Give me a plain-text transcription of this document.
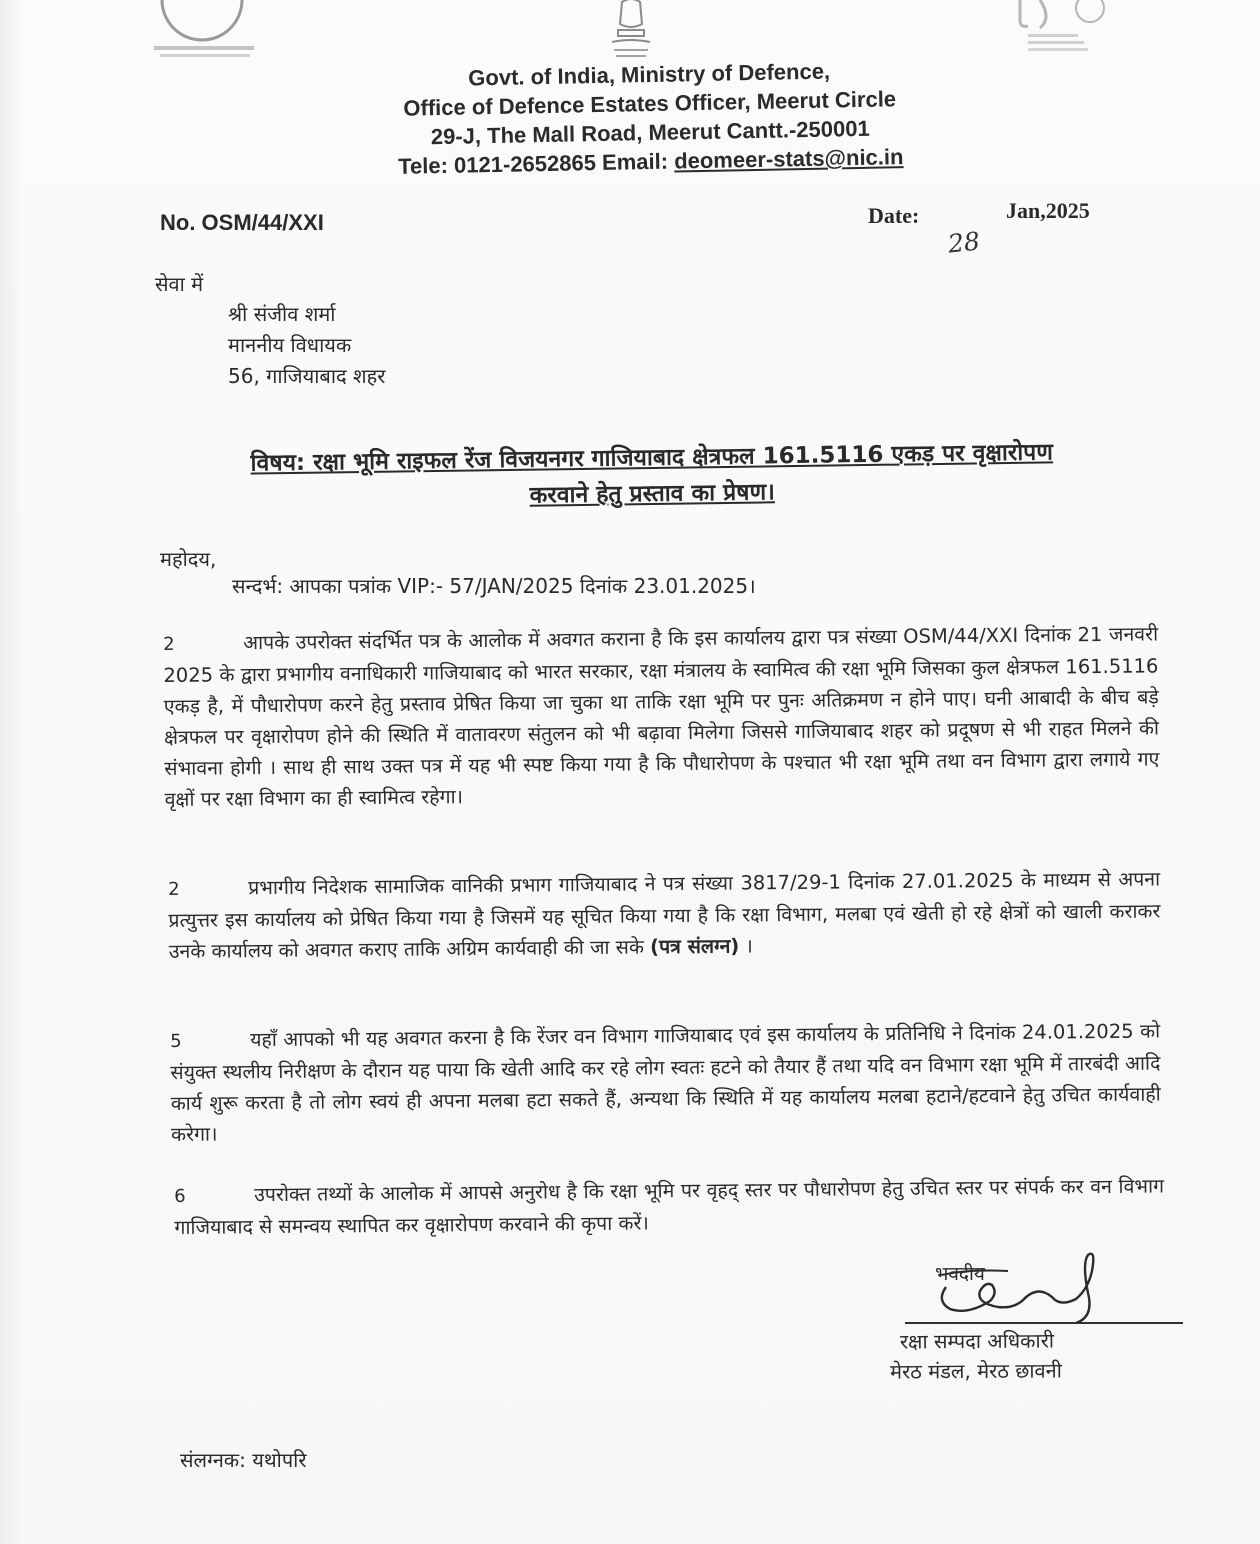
Govt. of India, Ministry of Defence,
Office of Defence Estates Officer, Meerut Circle
29-J, The Mall Road, Meerut Cantt.-250001
Tele: 0121-2652865 Email: deomeer-stats@nic.in
No. OSM/44/XXI	Date:	Jan,2025
28
सेवा में
श्री संजीव शर्मा
माननीय विधायक
56, गाजियाबाद शहर
विषय: रक्षा भूमि राइफल रेंज विजयनगर गाजियाबाद क्षेत्रफल 161.5116 एकड़ पर वृक्षारोपण
करवाने हेतु प्रस्ताव का प्रेषण।
महोदय,
सन्दर्भ: आपका पत्रांक VIP:- 57/JAN/2025 दिनांक 23.01.2025।
2	आपके उपरोक्त संदर्भित पत्र के आलोक में अवगत कराना है कि इस कार्यालय द्वारा पत्र संख्या OSM/44/XXI दिनांक 21 जनवरी 2025 के द्वारा प्रभागीय वनाधिकारी गाजियाबाद को भारत सरकार, रक्षा मंत्रालय के स्वामित्व की रक्षा भूमि जिसका कुल क्षेत्रफल 161.5116 एकड़ है, में पौधारोपण करने हेतु प्रस्ताव प्रेषित किया जा चुका था ताकि रक्षा भूमि पर पुनः अतिक्रमण न होने पाए। घनी आबादी के बीच बड़े क्षेत्रफल पर वृक्षारोपण होने की स्थिति में वातावरण संतुलन को भी बढ़ावा मिलेगा जिससे गाजियाबाद शहर को प्रदूषण से भी राहत मिलने की संभावना होगी । साथ ही साथ उक्त पत्र में यह भी स्पष्ट किया गया है कि पौधारोपण के पश्चात भी रक्षा भूमि तथा वन विभाग द्वारा लगाये गए वृक्षों पर रक्षा विभाग का ही स्वामित्व रहेगा।
2	प्रभागीय निदेशक सामाजिक वानिकी प्रभाग गाजियाबाद ने पत्र संख्या 3817/29-1 दिनांक 27.01.2025 के माध्यम से अपना प्रत्युत्तर इस कार्यालय को प्रेषित किया गया है जिसमें यह सूचित किया गया है कि रक्षा विभाग, मलबा एवं खेती हो रहे क्षेत्रों को खाली कराकर उनके कार्यालय को अवगत कराए ताकि अग्रिम कार्यवाही की जा सके (पत्र संलग्न) ।
5	यहाँ आपको भी यह अवगत करना है कि रेंजर वन विभाग गाजियाबाद एवं इस कार्यालय के प्रतिनिधि ने दिनांक 24.01.2025 को संयुक्त स्थलीय निरीक्षण के दौरान यह पाया कि खेती आदि कर रहे लोग स्वतः हटने को तैयार हैं तथा यदि वन विभाग रक्षा भूमि में तारबंदी आदि कार्य शुरू करता है तो लोग स्वयं ही अपना मलबा हटा सकते हैं, अन्यथा कि स्थिति में यह कार्यालय मलबा हटाने/हटवाने हेतु उचित कार्यवाही करेगा।
6	उपरोक्त तथ्यों के आलोक में आपसे अनुरोध है कि रक्षा भूमि पर वृहद् स्तर पर पौधारोपण हेतु उचित स्तर पर संपर्क कर वन विभाग गाजियाबाद से समन्वय स्थापित कर वृक्षारोपण करवाने की कृपा करें।
भवदीय
रक्षा सम्पदा अधिकारी
मेरठ मंडल, मेरठ छावनी
संलग्नक: यथोपरि
